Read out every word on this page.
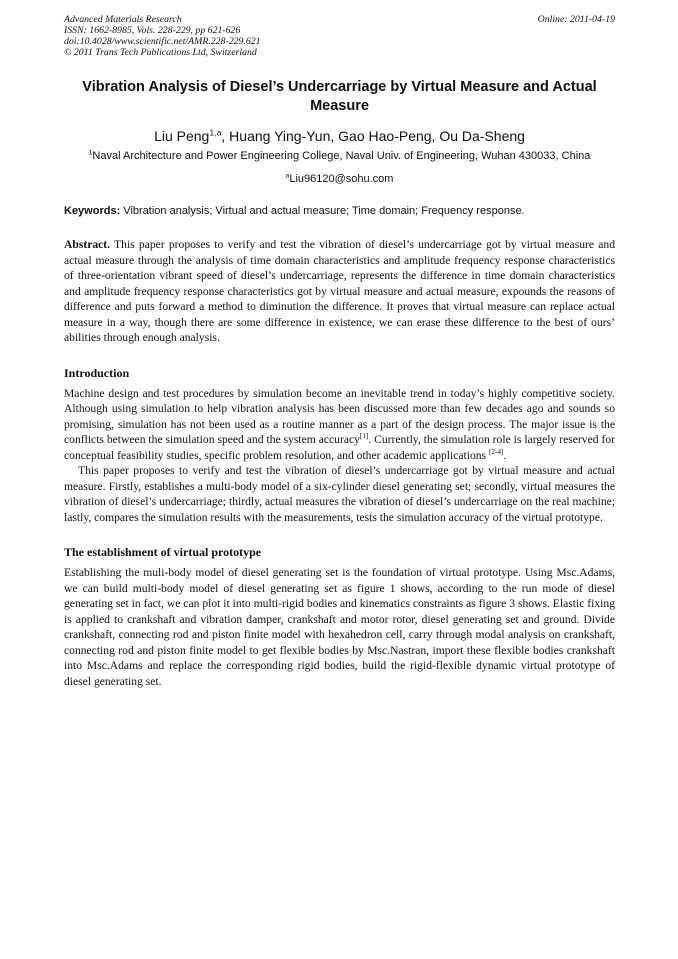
Advanced Materials Research
ISSN: 1662-8985, Vols. 228-229, pp 621-626
doi:10.4028/www.scientific.net/AMR.228-229.621
© 2011 Trans Tech Publications Ltd, Switzerland
Online: 2011-04-19
Vibration Analysis of Diesel’s Undercarriage by Virtual Measure and Actual Measure
Liu Peng$^{1,a}$, Huang Ying-Yun, Gao Hao-Peng, Ou Da-Sheng
$^1$Naval Architecture and Power Engineering College, Naval Univ. of Engineering, Wuhan 430033, China
$^a$Liu96120@sohu.com
Keywords: Vibration analysis; Virtual and actual measure; Time domain; Frequency response.

Abstract. This paper proposes to verify and test the vibration of diesel’s undercarriage got by virtual measure and actual measure through the analysis of time domain characteristics and amplitude frequency response characteristics of three-orientation vibrant speed of diesel’s undercarriage, represents the difference in time domain characteristics and amplitude frequency response characteristics got by virtual measure and actual measure, expounds the reasons of difference and puts forward a method to diminution the difference. It proves that virtual measure can replace actual measure in a way, though there are some difference in existence, we can erase these difference to the best of ours’ abilities through enough analysis.

Introduction

Machine design and test procedures by simulation become an inevitable trend in today’s highly competitive society. Although using simulation to help vibration analysis has been discussed more than few decades ago and sounds so promising, simulation has not been used as a routine manner as a part of the design process. The major issue is the conflicts between the simulation speed and the system accuracy[1]. Currently, the simulation role is largely reserved for conceptual feasibility studies, specific problem resolution, and other academic applications [2-4].

This paper proposes to verify and test the vibration of diesel’s undercarriage got by virtual measure and actual measure. Firstly, establishes a multi-body model of a six-cylinder diesel generating set; secondly, virtual measures the vibration of diesel’s undercarriage; thirdly, actual measures the vibration of diesel’s undercarriage on the real machine; lastly, compares the simulation results with the measurements, tests the simulation accuracy of the virtual prototype.

The establishment of virtual prototype

Establishing the muli-body model of diesel generating set is the foundation of virtual prototype. Using Msc.Adams, we can build multi-body model of diesel generating set as figure 1 shows, according to the run mode of diesel generating set in fact, we can plot it into multi-rigid bodies and kinematics constraints as figure 3 shows. Elastic fixing is applied to crankshaft and vibration damper, crankshaft and motor rotor, diesel generating set and ground. Divide crankshaft, connecting rod and piston finite model with hexahedron cell, carry through modal analysis on crankshaft, connecting rod and piston finite model to get flexible bodies by Msc.Nastran, import these flexible bodies crankshaft into Msc.Adams and replace the corresponding rigid bodies, build the rigid-flexible dynamic virtual prototype of diesel generating set.
